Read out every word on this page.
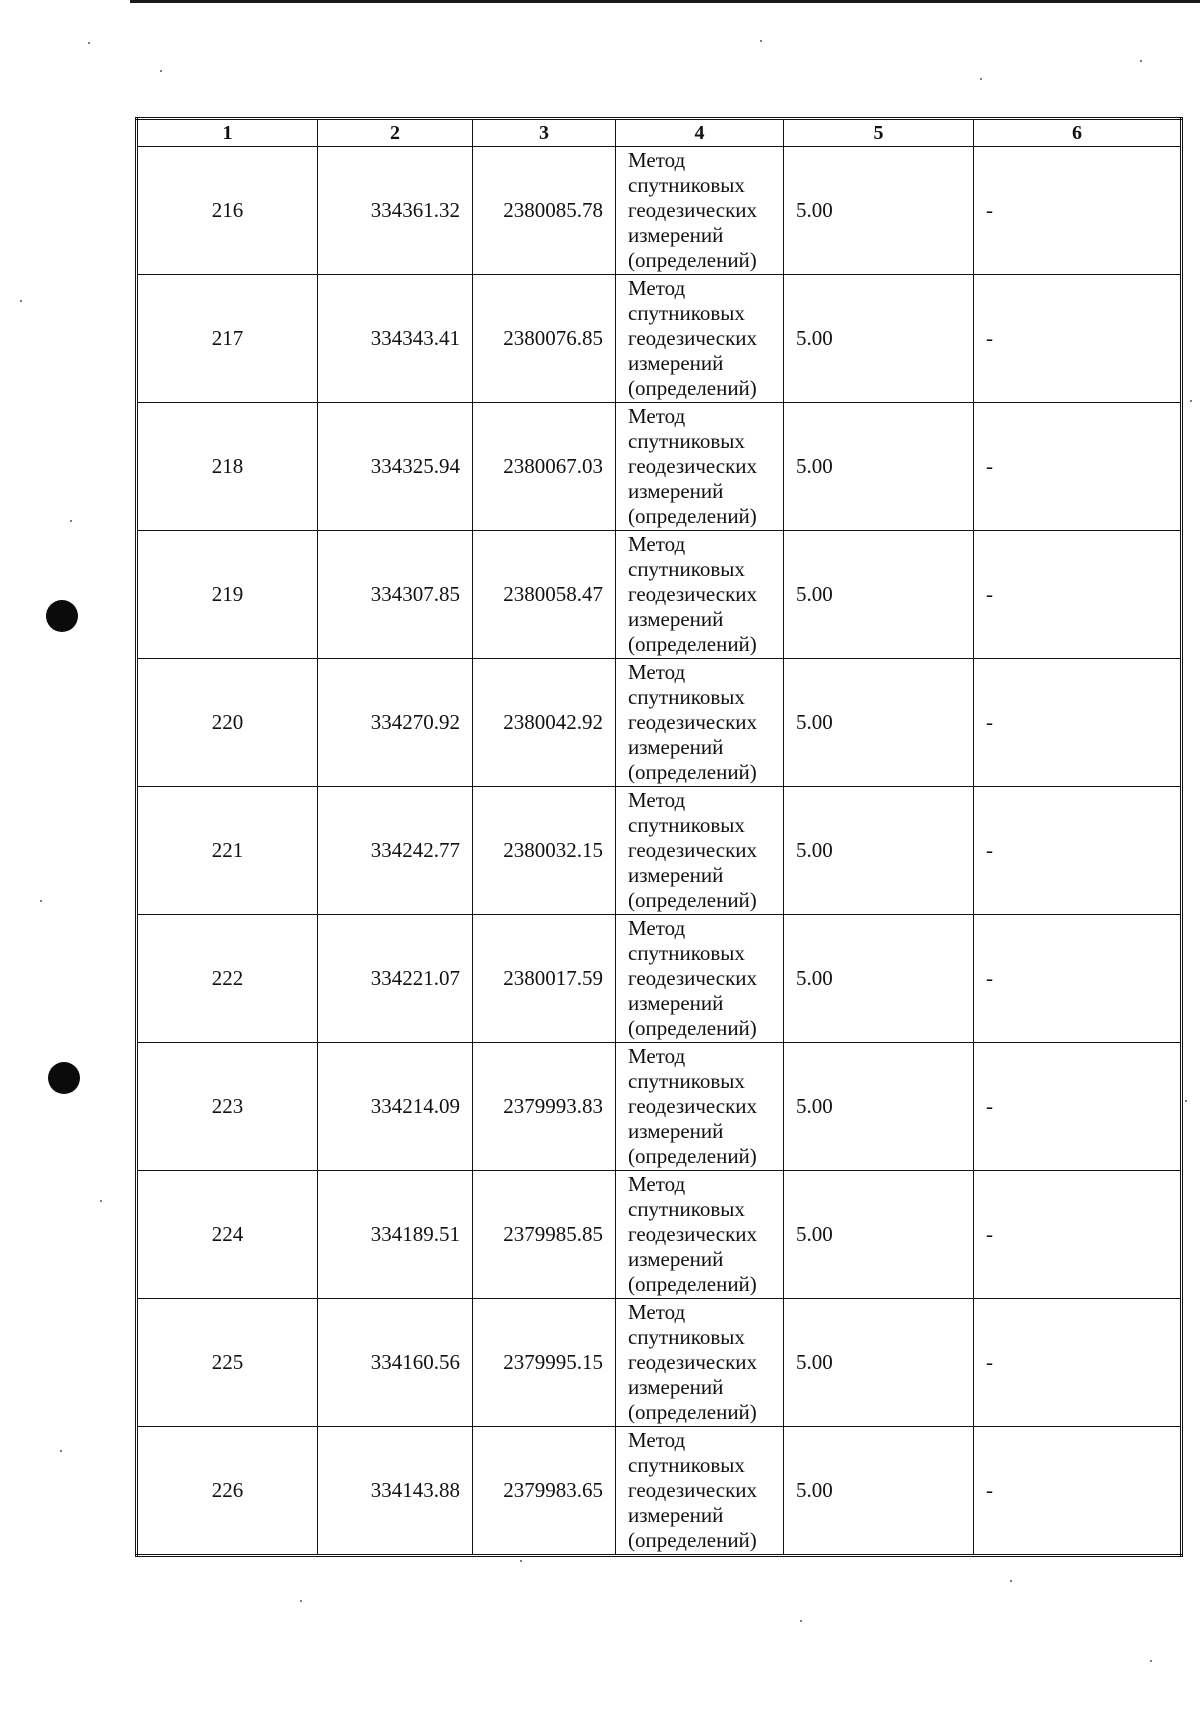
1	2	3	4	5	6
216	334361.32	2380085.78	Метод
спутниковых
геодезических
измерений
(определений)	5.00	-
217	334343.41	2380076.85	Метод
спутниковых
геодезических
измерений
(определений)	5.00	-
218	334325.94	2380067.03	Метод
спутниковых
геодезических
измерений
(определений)	5.00	-
219	334307.85	2380058.47	Метод
спутниковых
геодезических
измерений
(определений)	5.00	-
220	334270.92	2380042.92	Метод
спутниковых
геодезических
измерений
(определений)	5.00	-
221	334242.77	2380032.15	Метод
спутниковых
геодезических
измерений
(определений)	5.00	-
222	334221.07	2380017.59	Метод
спутниковых
геодезических
измерений
(определений)	5.00	-
223	334214.09	2379993.83	Метод
спутниковых
геодезических
измерений
(определений)	5.00	-
224	334189.51	2379985.85	Метод
спутниковых
геодезических
измерений
(определений)	5.00	-
225	334160.56	2379995.15	Метод
спутниковых
геодезических
измерений
(определений)	5.00	-
226	334143.88	2379983.65	Метод
спутниковых
геодезических
измерений
(определений)	5.00	-
